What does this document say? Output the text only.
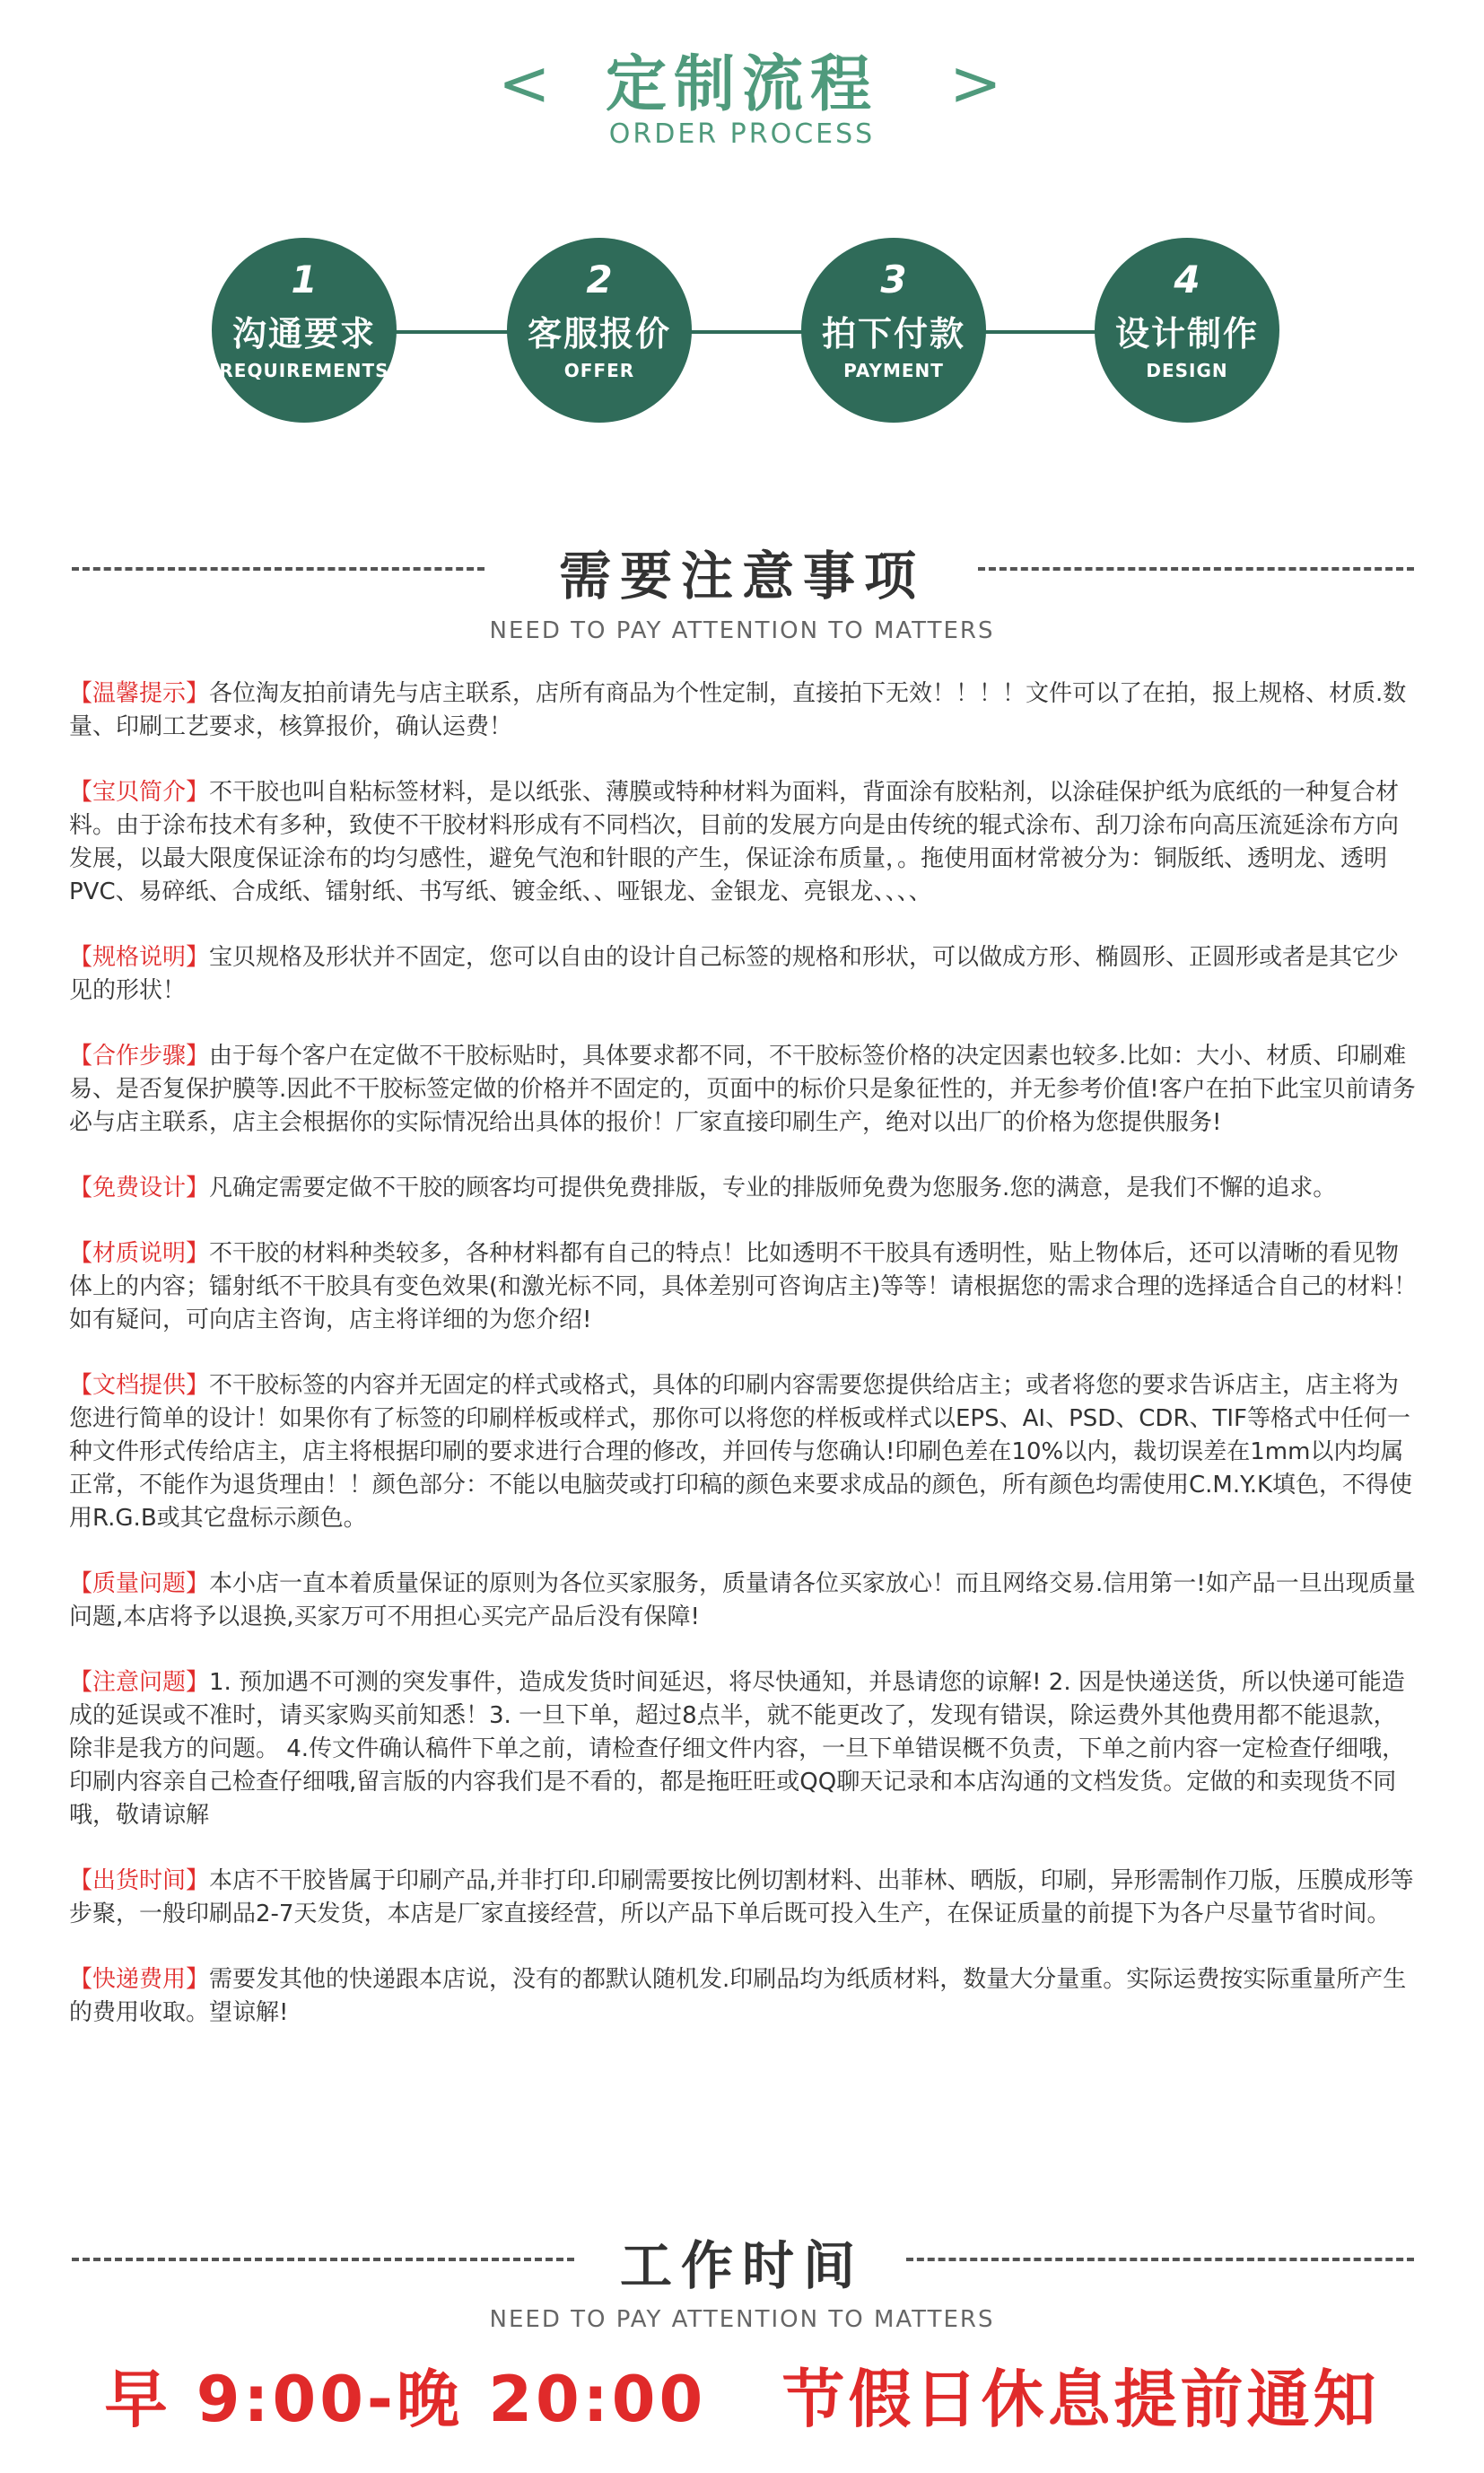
< 定制流程
ORDER PROCESS
>
1
沟通要求
REQUIREMENTS
2
客服报价
OFFER
3
拍下付款
PAYMENT
4
设计制作
DESIGN
需要注意事项
NEED TO PAY ATTENTION TO MATTERS

【温馨提示】各位淘友拍前请先与店主联系，店所有商品为个性定制，直接拍下无效！！！！文件可以了在拍，报上规格、材质.数量、印刷工艺要求，核算报价，确认运费！

【宝贝简介】不干胶也叫自粘标签材料，是以纸张、薄膜或特种材料为面料，背面涂有胶粘剂，以涂硅保护纸为底纸的一种复合材料。由于涂布技术有多种，致使不干胶材料形成有不同档次，目前的发展方向是由传统的辊式涂布、刮刀涂布向高压流延涂布方向发展，以最大限度保证涂布的均匀感性，避免气泡和针眼的产生，保证涂布质量，。拖使用面材常被分为：铜版纸、透明龙、透明PVC、易碎纸、合成纸、镭射纸、书写纸、镀金纸、、哑银龙、金银龙、亮银龙、、、、

【规格说明】宝贝规格及形状并不固定，您可以自由的设计自己标签的规格和形状，可以做成方形、椭圆形、正圆形或者是其它少见的形状！

【合作步骤】由于每个客户在定做不干胶标贴时，具体要求都不同，不干胶标签价格的决定因素也较多.比如：大小、材质、印刷难易、是否复保护膜等.因此不干胶标签定做的价格并不固定的，页面中的标价只是象征性的，并无参考价值!客户在拍下此宝贝前请务必与店主联系，店主会根据你的实际情况给出具体的报价！厂家直接印刷生产，绝对以出厂的价格为您提供服务!

【免费设计】凡确定需要定做不干胶的顾客均可提供免费排版，专业的排版师免费为您服务.您的满意，是我们不懈的追求。

【材质说明】不干胶的材料种类较多，各种材料都有自己的特点！比如透明不干胶具有透明性，贴上物体后，还可以清晰的看见物体上的内容；镭射纸不干胶具有变色效果(和激光标不同，具体差别可咨询店主)等等！请根据您的需求合理的选择适合自己的材料！如有疑问，可向店主咨询，店主将详细的为您介绍!

【文档提供】不干胶标签的内容并无固定的样式或格式，具体的印刷内容需要您提供给店主；或者将您的要求告诉店主，店主将为您进行简单的设计！如果你有了标签的印刷样板或样式，那你可以将您的样板或样式以EPS、AI、PSD、CDR、TIF等格式中任何一种文件形式传给店主，店主将根据印刷的要求进行合理的修改，并回传与您确认!印刷色差在10%以内，裁切误差在1mm以内均属正常，不能作为退货理由！！颜色部分：不能以电脑荧或打印稿的颜色来要求成品的颜色，所有颜色均需使用C.M.Y.K填色，不得使用R.G.B或其它盘标示颜色。

【质量问题】本小店一直本着质量保证的原则为各位买家服务，质量请各位买家放心！而且网络交易.信用第一!如产品一旦出现质量问题,本店将予以退换,买家万可不用担心买完产品后没有保障!

【注意问题】1. 预加遇不可测的突发事件，造成发货时间延迟，将尽快通知，并恳请您的谅解! 2. 因是快递送货，所以快递可能造成的延误或不准时，请买家购买前知悉！3. 一旦下单，超过8点半，就不能更改了，发现有错误，除运费外其他费用都不能退款，除非是我方的问题。 4.传文件确认稿件下单之前，请检查仔细文件内容，一旦下单错误概不负责，下单之前内容一定检查仔细哦，印刷内容亲自己检查仔细哦,留言版的内容我们是不看的，都是拖旺旺或QQ聊天记录和本店沟通的文档发货。定做的和卖现货不同哦，敬请谅解

【出货时间】本店不干胶皆属于印刷产品,并非打印.印刷需要按比例切割材料、出菲林、晒版，印刷，异形需制作刀版，压膜成形等步聚，一般印刷品2-7天发货，本店是厂家直接经营，所以产品下单后既可投入生产，在保证质量的前提下为各户尽量节省时间。

【快递费用】需要发其他的快递跟本店说，没有的都默认随机发.印刷品均为纸质材料，数量大分量重。实际运费按实际重量所产生的费用收取。望谅解!

工作时间
NEED TO PAY ATTENTION TO MATTERS
早 9:00-晚 20:00 节假日休息提前通知
